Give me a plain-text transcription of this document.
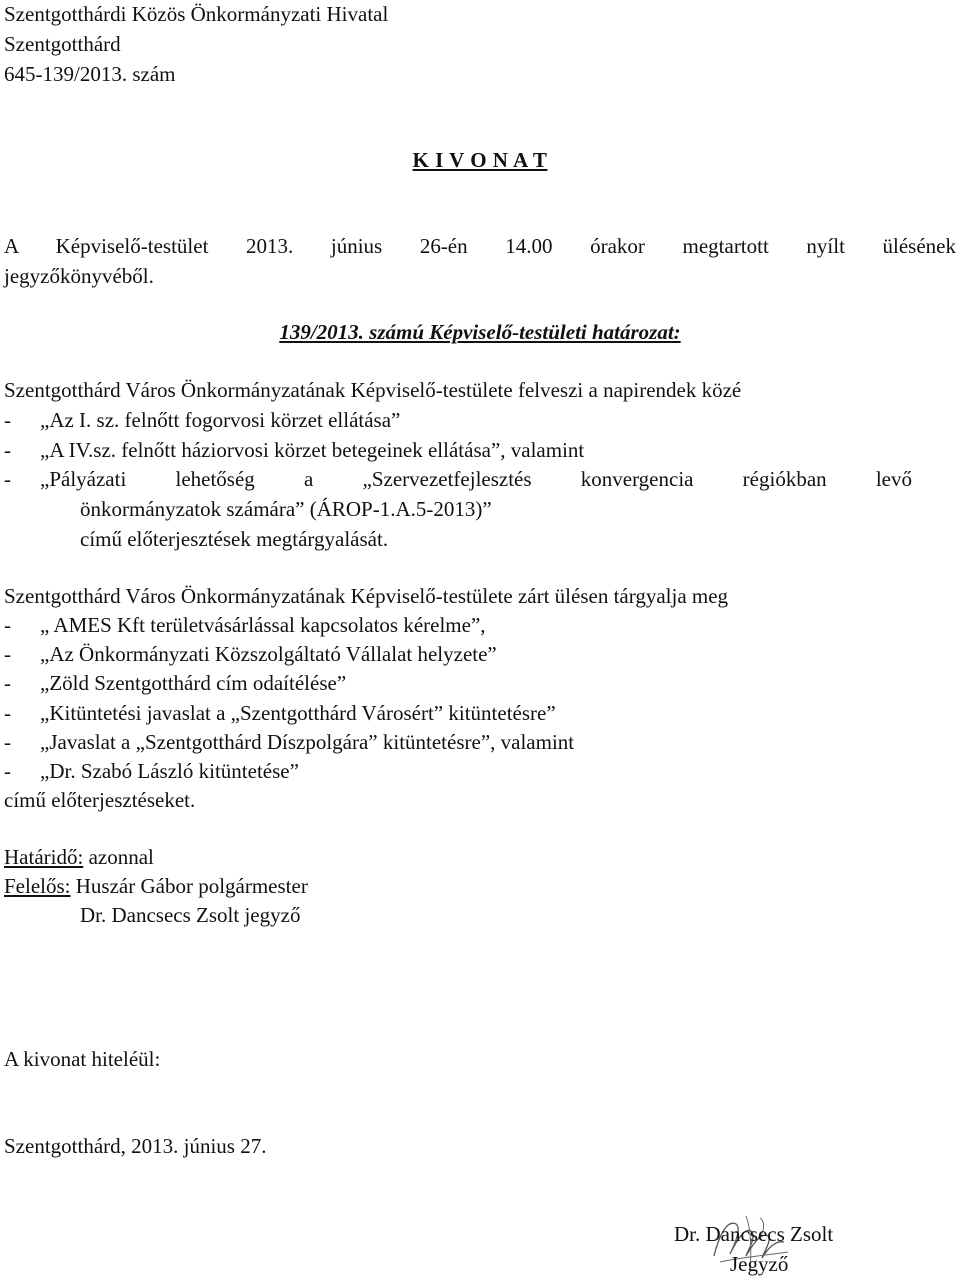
Szentgotthárdi Közös Önkormányzati Hivatal
Szentgotthárd
645-139/2013. szám
K I V O N A T
A Képviselő-testület 2013. június 26-én 14.00 órakor megtartott nyílt ülésének
jegyzőkönyvéből.
139/2013. számú Képviselő-testületi határozat:
Szentgotthárd Város Önkormányzatának Képviselő-testülete felveszi a napirendek közé
- „Az I. sz. felnőtt fogorvosi körzet ellátása”
- „A IV.sz. felnőtt háziorvosi körzet betegeinek ellátása”, valamint
- „Pályázati lehetőség a „Szervezetfejlesztés konvergencia régiókban levő
önkormányzatok számára” (ÁROP-1.A.5-2013)”
című előterjesztések megtárgyalását.
Szentgotthárd Város Önkormányzatának Képviselő-testülete zárt ülésen tárgyalja meg
- „ AMES Kft területvásárlással kapcsolatos kérelme”,
- „Az Önkormányzati Közszolgáltató Vállalat helyzete”
- „Zöld Szentgotthárd cím odaítélése”
- „Kitüntetési javaslat a „Szentgotthárd Városért” kitüntetésre”
- „Javaslat a „Szentgotthárd Díszpolgára” kitüntetésre”, valamint
- „Dr. Szabó László kitüntetése”
című előterjesztéseket.
Határidő: azonnal
Felelős: Huszár Gábor polgármester
Dr. Dancsecs Zsolt jegyző
A kivonat hiteléül:
Szentgotthárd, 2013. június 27.
Dr. Dancsecs Zsolt
Jegyző
